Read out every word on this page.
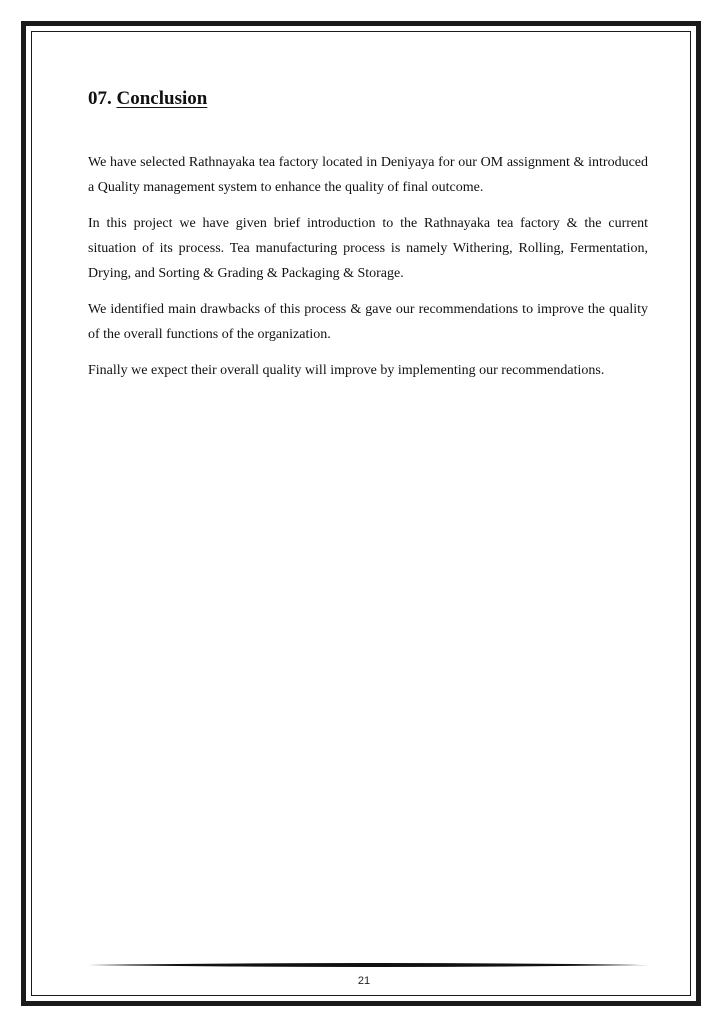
07. Conclusion

We have selected Rathnayaka tea factory located in Deniyaya for our OM assignment & introduced a Quality management system to enhance the quality of final outcome.

In this project we have given brief introduction to the Rathnayaka tea factory & the current situation of its process. Tea manufacturing process is namely Withering, Rolling, Fermentation, Drying, and Sorting & Grading & Packaging & Storage.

We identified main drawbacks of this process & gave our recommendations to improve the quality of the overall functions of the organization.

Finally we expect their overall quality will improve by implementing our recommendations.

21
